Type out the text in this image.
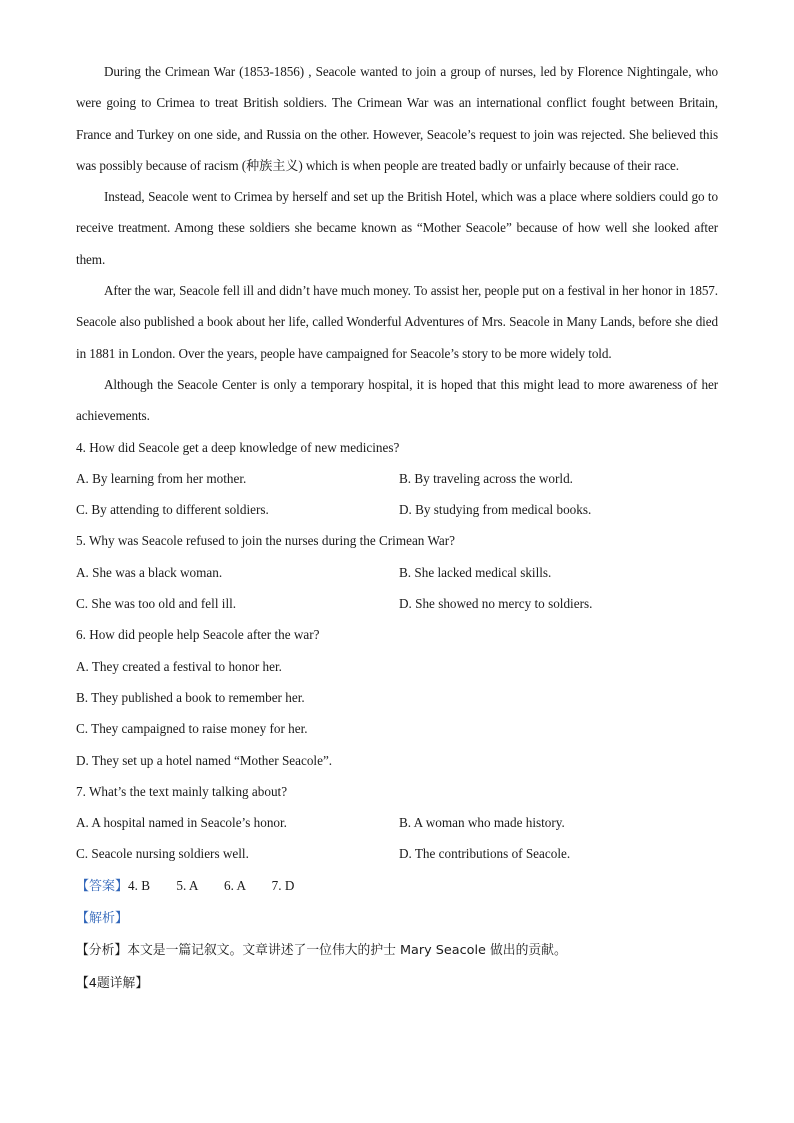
During the Crimean War (1853-1856) , Seacole wanted to join a group of nurses, led by Florence Nightingale, who were going to Crimea to treat British soldiers. The Crimean War was an international conflict fought between Britain, France and Turkey on one side, and Russia on the other. However, Seacole’s request to join was rejected. She believed this was possibly because of racism (种族主义) which is when people are treated badly or unfairly because of their race.

Instead, Seacole went to Crimea by herself and set up the British Hotel, which was a place where soldiers could go to receive treatment. Among these soldiers she became known as “Mother Seacole” because of how well she looked after them.

After the war, Seacole fell ill and didn’t have much money. To assist her, people put on a festival in her honor in 1857. Seacole also published a book about her life, called Wonderful Adventures of Mrs. Seacole in Many Lands, before she died in 1881 in London. Over the years, people have campaigned for Seacole’s story to be more widely told.

Although the Seacole Center is only a temporary hospital, it is hoped that this might lead to more awareness of her achievements.

4. How did Seacole get a deep knowledge of new medicines?

A. By learning from her mother.	B. By traveling across the world.
C. By attending to different soldiers.	D. By studying from medical books.

5. Why was Seacole refused to join the nurses during the Crimean War?

A. She was a black woman.	B. She lacked medical skills.
C. She was too old and fell ill.	D. She showed no mercy to soldiers.

6. How did people help Seacole after the war?

A. They created a festival to honor her.
B. They published a book to remember her.
C. They campaigned to raise money for her.
D. They set up a hotel named “Mother Seacole”.

7. What’s the text mainly talking about?

A. A hospital named in Seacole’s honor.	B. A woman who made history.
C. Seacole nursing soldiers well.	D. The contributions of Seacole.
【答案】4. B        5. A        6. A        7. D
【解析】
【分析】本文是一篇记叙文。文章讲述了一位伟大的护士 Mary Seacole 做出的贡献。
【4题详解】
